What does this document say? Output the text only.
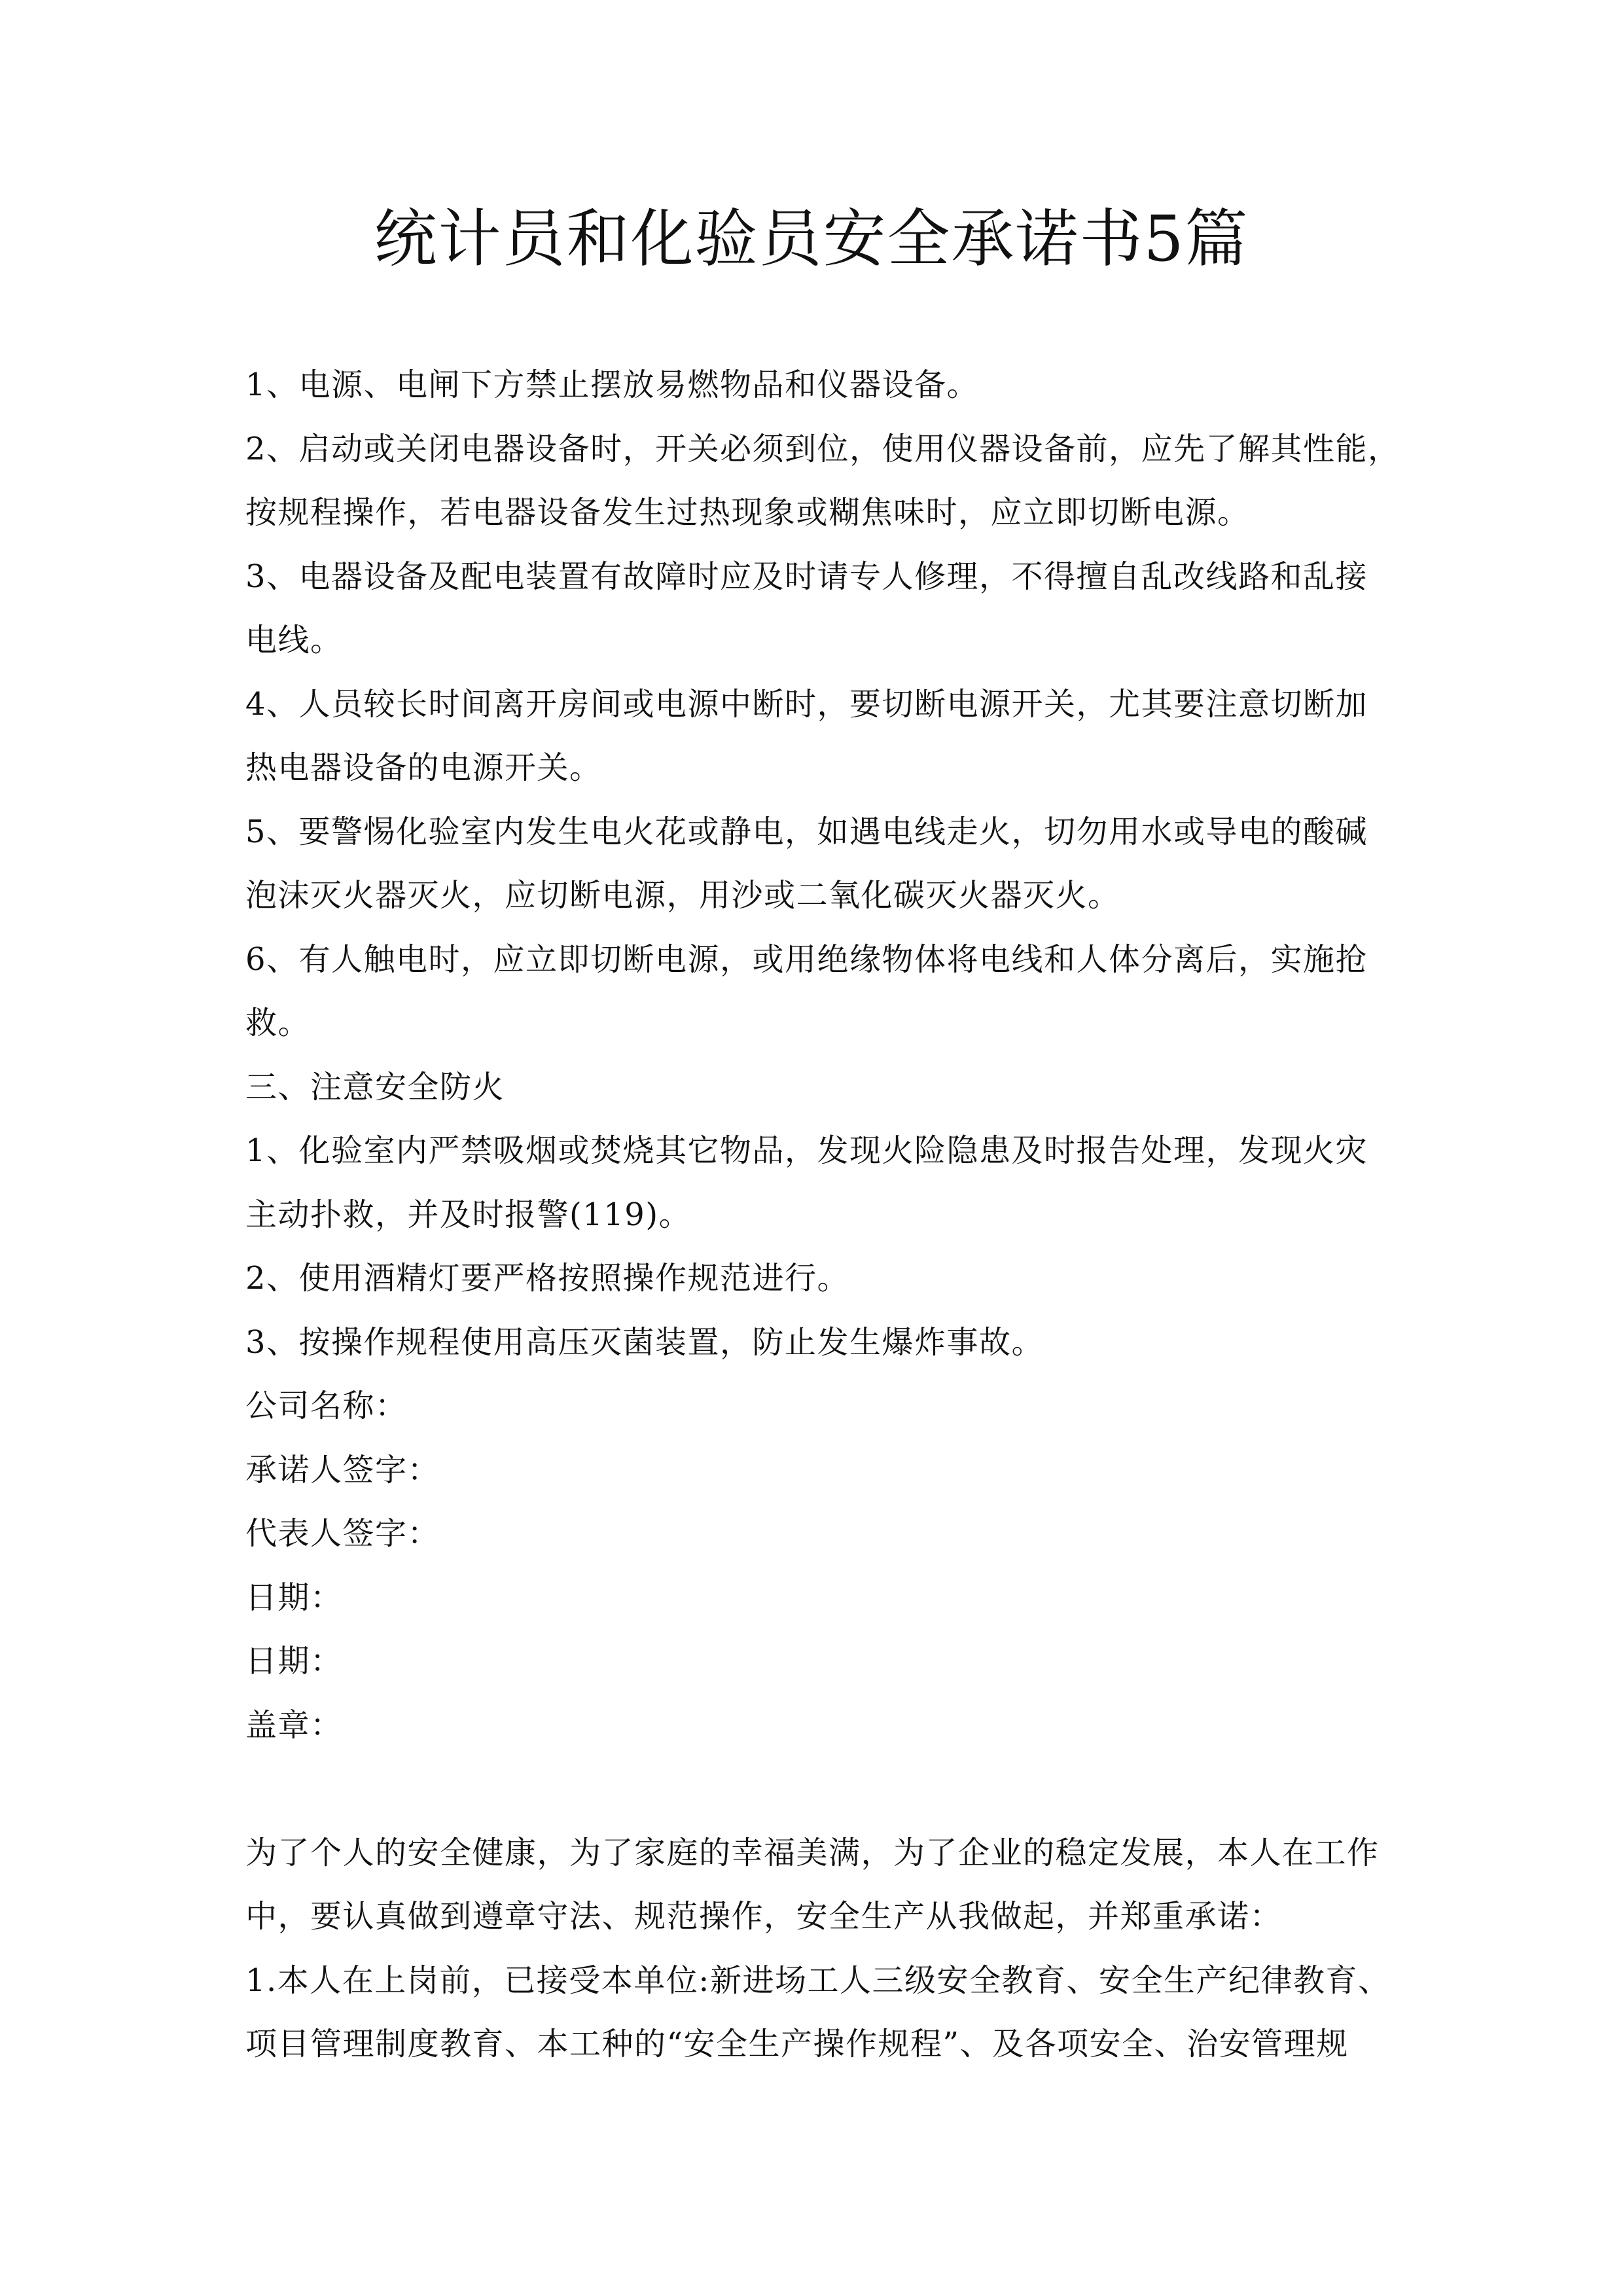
统计员和化验员安全承诺书5篇

1、电源、电闸下方禁止摆放易燃物品和仪器设备。

2、启动或关闭电器设备时，开关必须到位，使用仪器设备前，应先了解其性能，

按规程操作，若电器设备发生过热现象或糊焦味时，应立即切断电源。

3、电器设备及配电装置有故障时应及时请专人修理，不得擅自乱改线路和乱接

电线。

4、人员较长时间离开房间或电源中断时，要切断电源开关，尤其要注意切断加

热电器设备的电源开关。

5、要警惕化验室内发生电火花或静电，如遇电线走火，切勿用水或导电的酸碱

泡沫灭火器灭火，应切断电源，用沙或二氧化碳灭火器灭火。

6、有人触电时，应立即切断电源，或用绝缘物体将电线和人体分离后，实施抢

救。

三、注意安全防火

1、化验室内严禁吸烟或焚烧其它物品，发现火险隐患及时报告处理，发现火灾

主动扑救，并及时报警(119)。

2、使用酒精灯要严格按照操作规范进行。

3、按操作规程使用高压灭菌装置，防止发生爆炸事故。

公司名称：

承诺人签字：

代表人签字：

日期：

日期：

盖章：

为了个人的安全健康，为了家庭的幸福美满，为了企业的稳定发展，本人在工作

中，要认真做到遵章守法、规范操作，安全生产从我做起，并郑重承诺：

1.本人在上岗前，已接受本单位:新进场工人三级安全教育、安全生产纪律教育、

项目管理制度教育、本工种的“安全生产操作规程”、及各项安全、治安管理规
